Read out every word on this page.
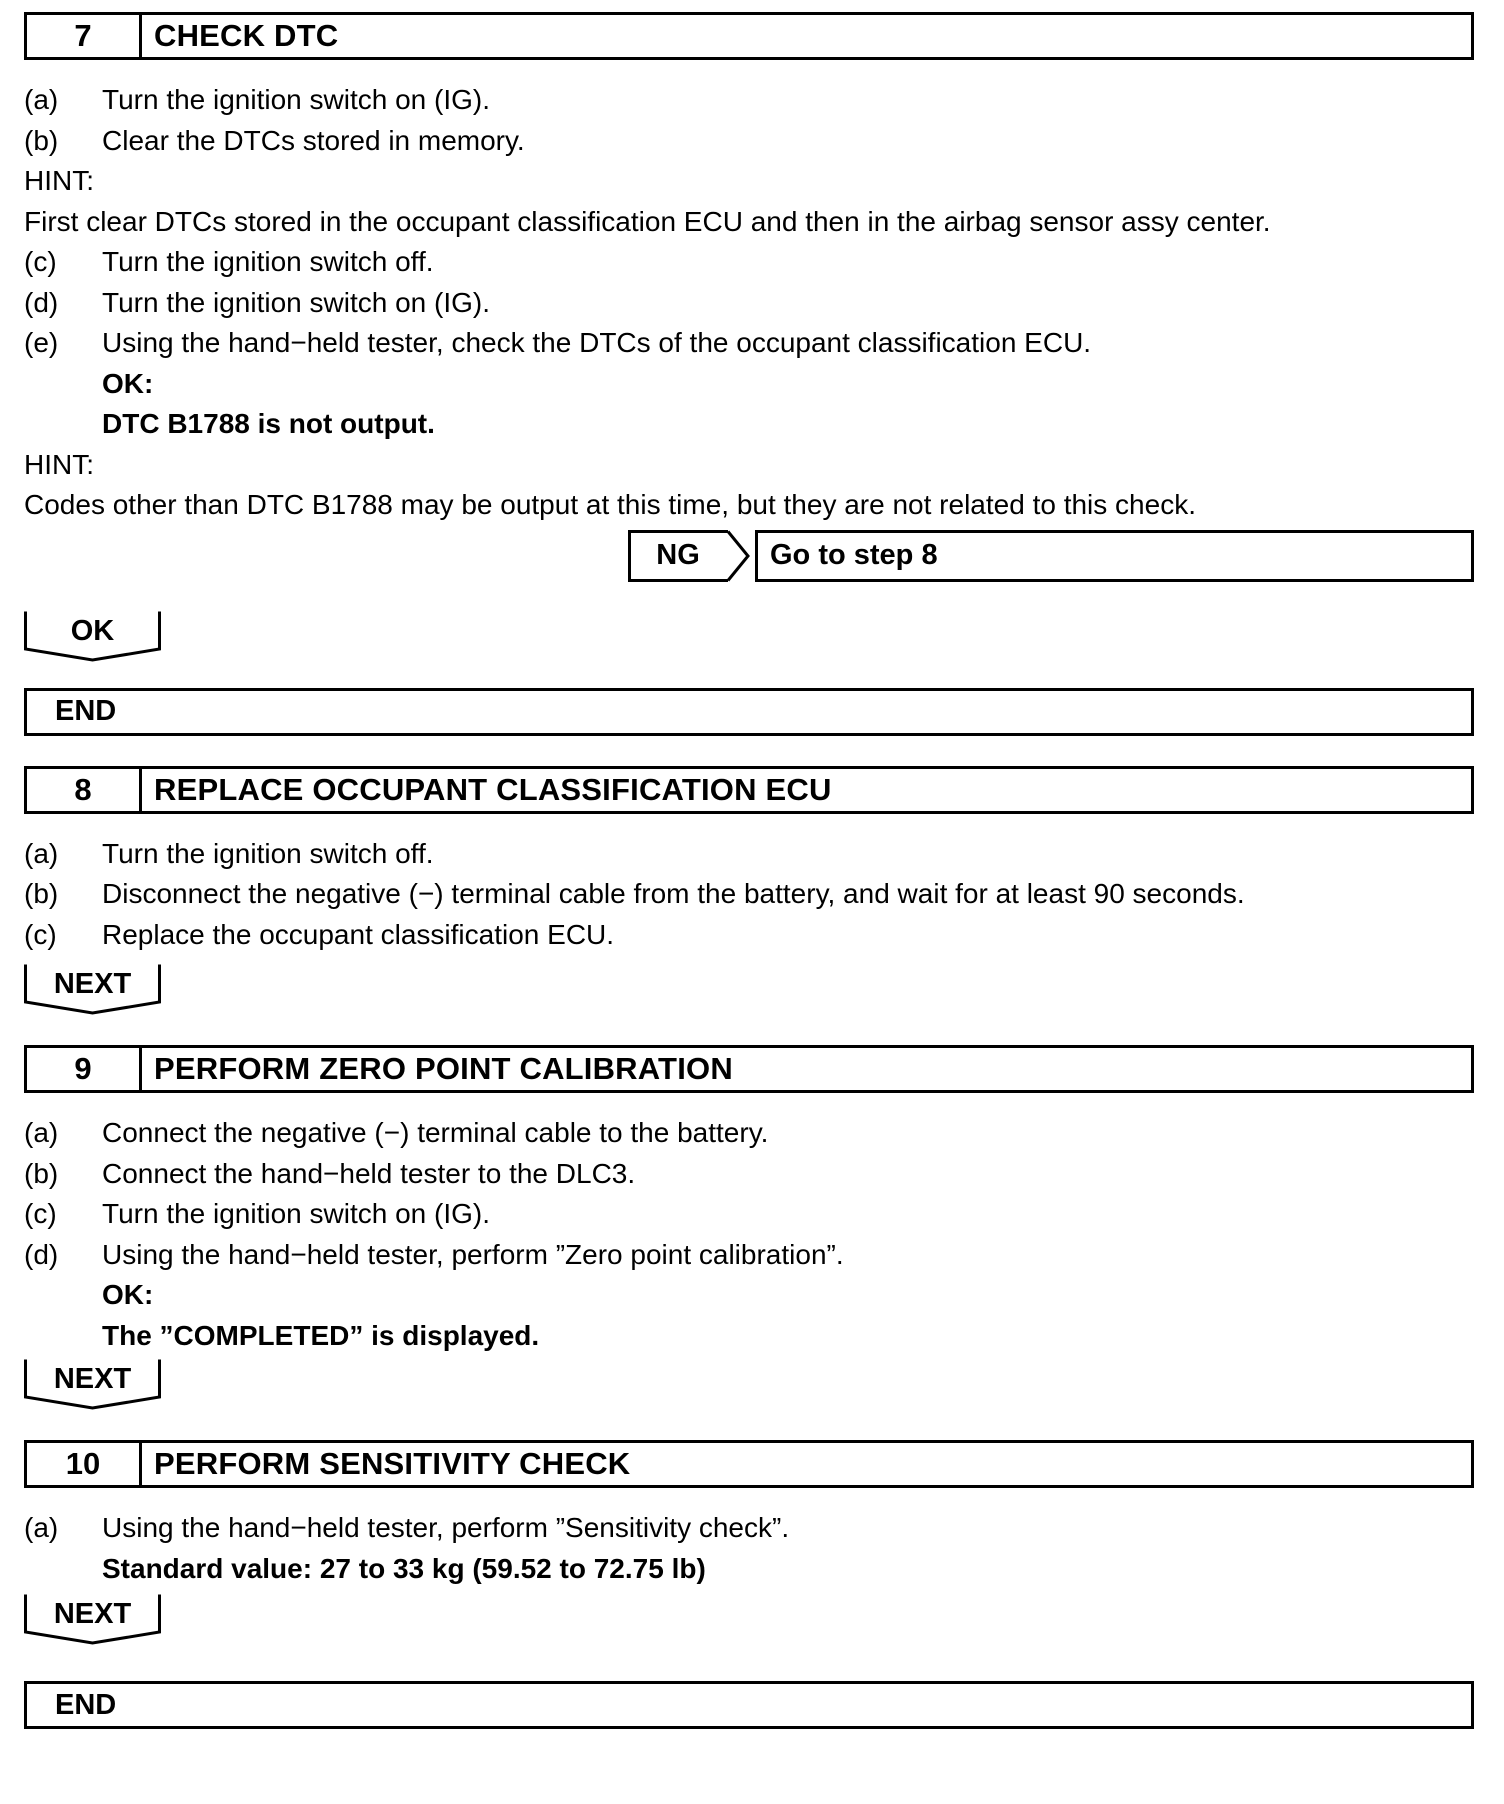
7	CHECK DTC
(a)	Turn the ignition switch on (IG).
(b)	Clear the DTCs stored in memory.
HINT:
First clear DTCs stored in the occupant classification ECU and then in the airbag sensor assy center.
(c)	Turn the ignition switch off.
(d)	Turn the ignition switch on (IG).
(e)	Using the hand−held tester, check the DTCs of the occupant classification ECU.
OK:
DTC B1788 is not output.
HINT:
Codes other than DTC B1788 may be output at this time, but they are not related to this check.
NG	Go to step 8
OK
END
8	REPLACE OCCUPANT CLASSIFICATION ECU
(a)	Turn the ignition switch off.
(b)	Disconnect the negative (−) terminal cable from the battery, and wait for at least 90 seconds.
(c)	Replace the occupant classification ECU.
NEXT
9	PERFORM ZERO POINT CALIBRATION
(a)	Connect the negative (−) terminal cable to the battery.
(b)	Connect the hand−held tester to the DLC3.
(c)	Turn the ignition switch on (IG).
(d)	Using the hand−held tester, perform ”Zero point calibration”.
OK:
The ”COMPLETED” is displayed.
NEXT
10	PERFORM SENSITIVITY CHECK
(a)	Using the hand−held tester, perform ”Sensitivity check”.
Standard value: 27 to 33 kg (59.52 to 72.75 lb)
NEXT
END
